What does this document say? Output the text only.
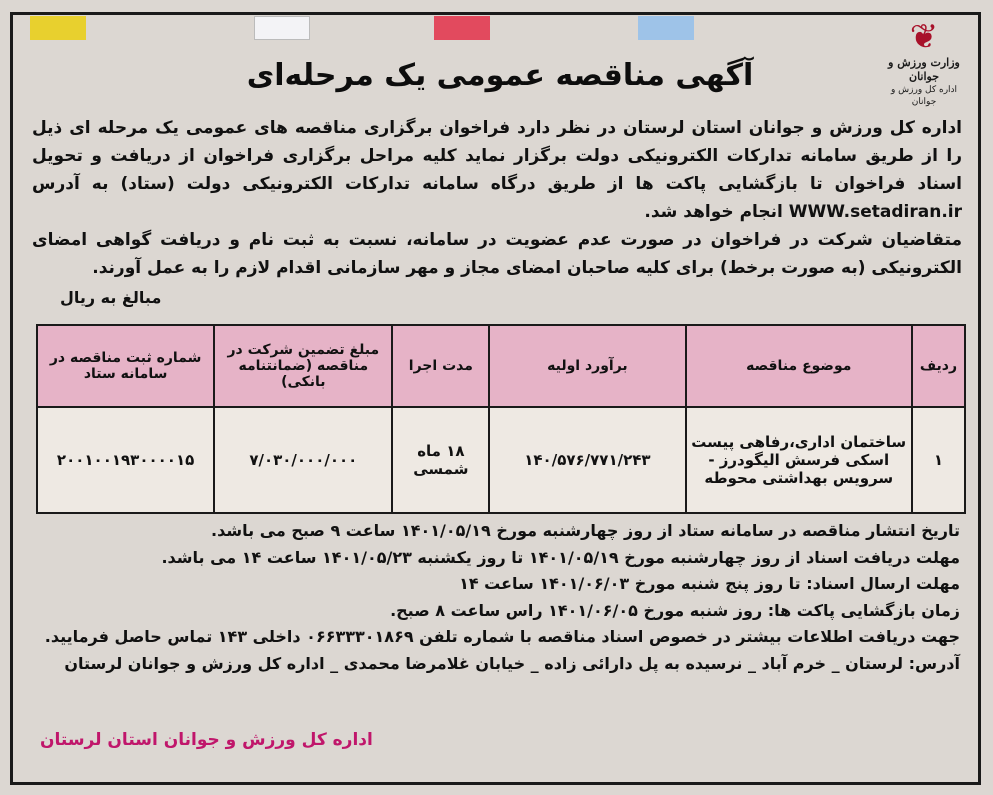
❦
وزارت ورزش و جوانان
اداره کل ورزش و جوانان
آگهی مناقصه عمومی یک مرحله‌ای

اداره کل ورزش و جوانان استان لرستان در نظر دارد فراخوان برگزاری مناقصه های عمومی یک مرحله ای ذیل را از طریق سامانه تدارکات الکترونیکی دولت برگزار نماید کلیه مراحل برگزاری فراخوان از دریافت و تحویل اسناد فراخوان تا بازگشایی پاکت ها از طریق درگاه سامانه تدارکات الکترونیکی دولت (ستاد) به آدرس WWW.setadiran.ir انجام خواهد شد.

متقاضیان شرکت در فراخوان در صورت عدم عضویت در سامانه، نسبت به ثبت نام و دریافت گواهی امضای الکترونیکی (به صورت برخط) برای کلیه صاحبان امضای مجاز و مهر سازمانی اقدام لازم را به عمل آورند.

مبالغ به ریال
ردیف	موضوع مناقصه	برآورد اولیه	مدت اجرا	مبلغ تضمین شرکت در مناقصه (ضمانتنامه بانکی)	شماره ثبت مناقصه در سامانه ستاد
۱	ساختمان اداری،رفاهی پیست اسکی فرسش الیگودرز - سرویس بهداشتی محوطه	۱۴۰/۵۷۶/۷۷۱/۲۴۳	۱۸ ماه شمسی	۷/۰۳۰/۰۰۰/۰۰۰	۲۰۰۱۰۰۱۹۳۰۰۰۰۱۵
تاریخ انتشار مناقصه در سامانه ستاد از روز چهارشنبه مورخ ۱۴۰۱/۰۵/۱۹ ساعت ۹ صبح می باشد.
مهلت دریافت اسناد از روز چهارشنبه مورخ ۱۴۰۱/۰۵/۱۹ تا روز یکشنبه ۱۴۰۱/۰۵/۲۳ ساعت ۱۴ می باشد.
مهلت ارسال اسناد: تا روز پنج شنبه مورخ ۱۴۰۱/۰۶/۰۳ ساعت ۱۴
زمان بازگشایی پاکت ها: روز شنبه مورخ ۱۴۰۱/۰۶/۰۵ راس ساعت ۸ صبح.
جهت دریافت اطلاعات بیشتر در خصوص اسناد مناقصه با شماره تلفن ۰۶۶۳۳۳۰۱۸۶۹ داخلی ۱۴۳ تماس حاصل فرمایید.
آدرس: لرستان _ خرم آباد _ نرسیده به پل دارائی زاده _ خیابان غلامرضا محمدی _ اداره کل ورزش و جوانان لرستان
اداره کل ورزش و جوانان استان لرستان
